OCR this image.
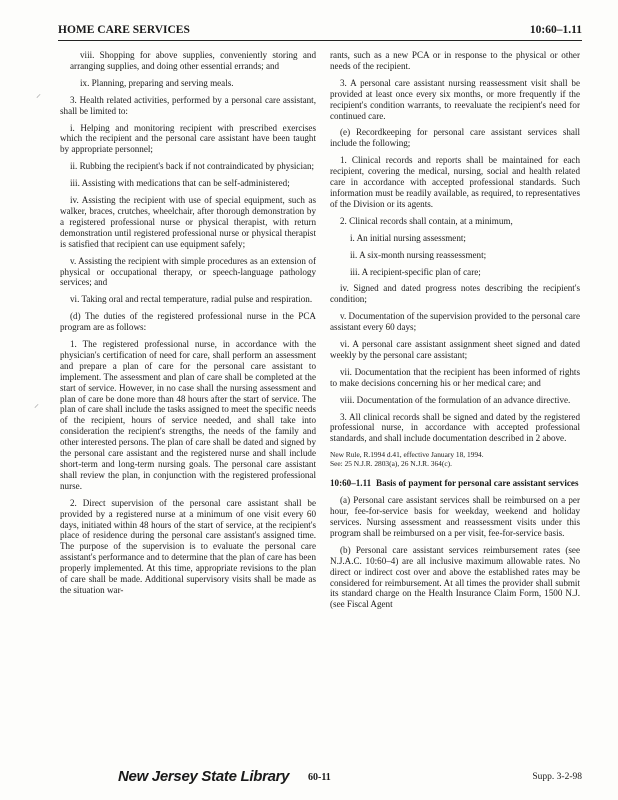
HOME CARE SERVICES	10:60–1.11
⸝
⸝

viii. Shopping for above supplies, conveniently storing and arranging supplies, and doing other essential errands; and

ix. Planning, preparing and serving meals.

3. Health related activities, performed by a personal care assistant, shall be limited to:

i. Helping and monitoring recipient with prescribed exercises which the recipient and the personal care assistant have been taught by appropriate personnel;

ii. Rubbing the recipient's back if not contraindicated by physician;

iii. Assisting with medications that can be self-administered;

iv. Assisting the recipient with use of special equipment, such as walker, braces, crutches, wheelchair, after thorough demonstration by a registered professional nurse or physical therapist, with return demonstration until registered professional nurse or physical therapist is satisfied that recipient can use equipment safely;

v. Assisting the recipient with simple procedures as an extension of physical or occupational therapy, or speech-language pathology services; and

vi. Taking oral and rectal temperature, radial pulse and respiration.

(d) The duties of the registered professional nurse in the PCA program are as follows:

1. The registered professional nurse, in accordance with the physician's certification of need for care, shall perform an assessment and prepare a plan of care for the personal care assistant to implement. The assessment and plan of care shall be completed at the start of service. However, in no case shall the nursing assessment and plan of care be done more than 48 hours after the start of service. The plan of care shall include the tasks assigned to meet the specific needs of the recipient, hours of service needed, and shall take into consideration the recipient's strengths, the needs of the family and other interested persons. The plan of care shall be dated and signed by the personal care assistant and the registered nurse and shall include short-term and long-term nursing goals. The personal care assistant shall review the plan, in conjunction with the registered professional nurse.

2. Direct supervision of the personal care assistant shall be provided by a registered nurse at a minimum of one visit every 60 days, initiated within 48 hours of the start of service, at the recipient's place of residence during the personal care assistant's assigned time. The purpose of the supervision is to evaluate the personal care assistant's performance and to determine that the plan of care has been properly implemented. At this time, appropriate revisions to the plan of care shall be made. Additional supervisory visits shall be made as the situation war-

rants, such as a new PCA or in response to the physical or other needs of the recipient.

3. A personal care assistant nursing reassessment visit shall be provided at least once every six months, or more frequently if the recipient's condition warrants, to reevaluate the recipient's need for continued care.

(e) Recordkeeping for personal care assistant services shall include the following;

1. Clinical records and reports shall be maintained for each recipient, covering the medical, nursing, social and health related care in accordance with accepted professional standards. Such information must be readily available, as required, to representatives of the Division or its agents.

2. Clinical records shall contain, at a minimum,

i. An initial nursing assessment;

ii. A six-month nursing reassessment;

iii. A recipient-specific plan of care;

iv. Signed and dated progress notes describing the recipient's condition;

v. Documentation of the supervision provided to the personal care assistant every 60 days;

vi. A personal care assistant assignment sheet signed and dated weekly by the personal care assistant;

vii. Documentation that the recipient has been informed of rights to make decisions concerning his or her medical care; and

viii. Documentation of the formulation of an advance directive.

3. All clinical records shall be signed and dated by the registered professional nurse, in accordance with accepted professional standards, and shall include documentation described in 2 above.

New Rule, R.1994 d.41, effective January 18, 1994.
See: 25 N.J.R. 2803(a), 26 N.J.R. 364(c).

10:60–1.11 Basis of payment for personal care assistant services

(a) Personal care assistant services shall be reimbursed on a per hour, fee-for-service basis for weekday, weekend and holiday services. Nursing assessment and reassessment visits under this program shall be reimbursed on a per visit, fee-for-service basis.

(b) Personal care assistant services reimbursement rates (see N.J.A.C. 10:60–4) are all inclusive maximum allowable rates. No direct or indirect cost over and above the established rates may be considered for reimbursement. At all times the provider shall submit its standard charge on the Health Insurance Claim Form, 1500 N.J. (see Fiscal Agent

New Jersey State Library 60-11	Supp. 3-2-98
